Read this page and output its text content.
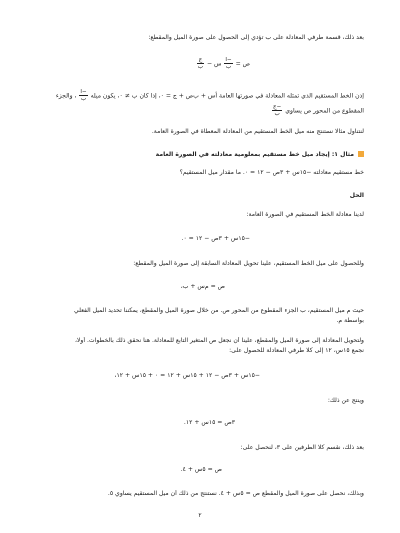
بعد ذلك، قسمة طرفي المعادلة على ب تؤدي إلى الحصول على صورة الميل والمقطع:
ص =
$\frac{\text{−أ}}{\text{ب}}$
س −
$\frac{\text{ج}}{\text{ب}}$
إذن الخط المستقيم الذي تمثله المعادلة في صورتها العامة أس + ب‌ص + ج = ٠، إذا كان ب ≠ ٠، يكون ميله
$\frac{\text{−أ}}{\text{ب}}$
، والجزء
المقطوع من المحور ص يساوي
$\frac{\text{−ج}}{\text{ب}}$
لنتناول مثالًا نستنتج منه ميل الخط المستقيم من المعادلة المعطاة في الصورة العامة.
مثال ١: إيجاد ميل خط مستقيم بمعلومية معادلته في الصورة العامة
خط مستقيم معادلته −١٥س + ٣ص − ١٢ = ٠. ما مقدار ميل المستقيم؟
الحل
لدينا معادلة الخط المستقيم في الصورة العامة:
−١٥س + ٣ص − ١٢ = ٠.
وللحصول على ميل الخط المستقيم، علينا تحويل المعادلة السابقة إلى صورة الميل والمقطع:
ص = م‌س + ب،
حيث م ميل المستقيم، ب الجزء المقطوع من المحور ص. من خلال صورة الميل والمقطع، يمكننا تحديد الميل الفعلي
بواسطة م.
ولتحويل المعادلة إلى صورة الميل والمقطع، علينا أن نجعل ص المتغير التابع للمعادلة. هنا نحقق ذلك بالخطوات. أولًا،
نجمع ١٥س، ١٢ إلى كلا طرفي المعادلة للحصول على:
−١٥س + ٣ص − ١٢ + ١٥س + ١٢ = ٠ + ١٥س + ١٢،
وينتج عن ذلك:
٣ص = ١٥س + ١٢.
بعد ذلك، نقسم كلا الطرفين على ٣، لنحصل على:
ص = ٥س + ٤.
وبذلك، نحصل على صورة الميل والمقطع ص = ٥س + ٤. نستنتج من ذلك أن ميل المستقيم يساوي ٥.
٢
